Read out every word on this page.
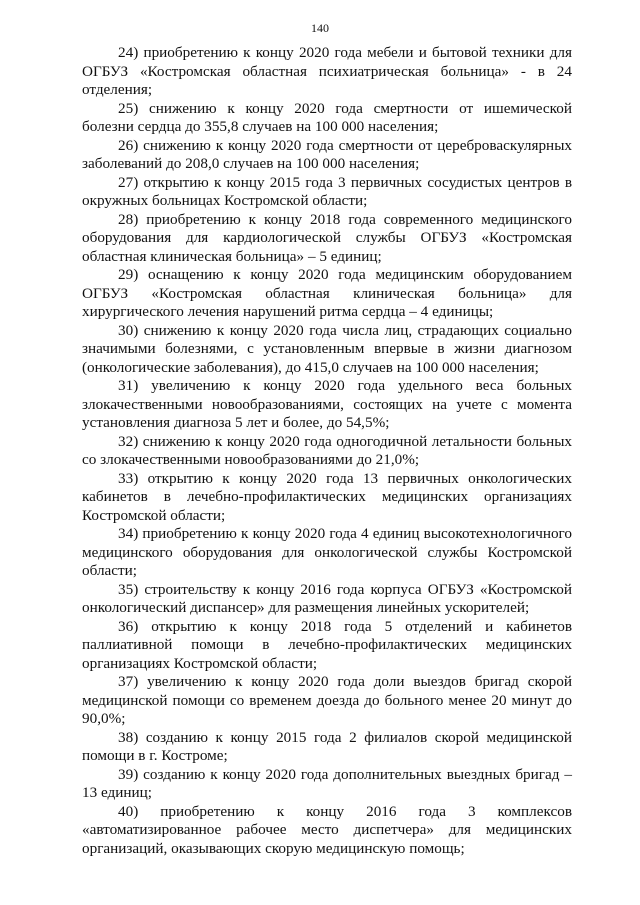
140

24) приобретению к концу 2020 года мебели и бытовой техники для ОГБУЗ «Костромская областная психиатрическая больница» - в 24 отделения;

25) снижению к концу 2020 года смертности от ишемической болезни сердца до 355,8 случаев на 100 000 населения;

26) снижению к концу 2020 года смертности от цереброваскулярных заболеваний до 208,0 случаев на 100 000 населения;

27) открытию к концу 2015 года 3 первичных сосудистых центров в окружных больницах Костромской области;

28) приобретению к концу 2018 года современного медицинского оборудования для кардиологической службы ОГБУЗ «Костромская областная клиническая больница» – 5 единиц;

29) оснащению к концу 2020 года медицинским оборудованием ОГБУЗ «Костромская областная клиническая больница» для хирургического лечения нарушений ритма сердца – 4 единицы;

30) снижению к концу 2020 года числа лиц, страдающих социально значимыми болезнями, с установленным впервые в жизни диагнозом (онкологические заболевания), до 415,0 случаев на 100 000 населения;

31) увеличению к концу 2020 года удельного веса больных злокачественными новообразованиями, состоящих на учете с момента установления диагноза 5 лет и более, до 54,5%;

32) снижению к концу 2020 года одногодичной летальности больных со злокачественными новообразованиями до 21,0%;

33) открытию к концу 2020 года 13 первичных онкологических кабинетов в лечебно-профилактических медицинских организациях Костромской области;

34) приобретению к концу 2020 года 4 единиц высокотехнологичного медицинского оборудования для онкологической службы Костромской области;

35) строительству к концу 2016 года корпуса ОГБУЗ «Костромской онкологический диспансер» для размещения линейных ускорителей;

36) открытию к концу 2018 года 5 отделений и кабинетов паллиативной помощи в лечебно-профилактических медицинских организациях Костромской области;

37) увеличению к концу 2020 года доли выездов бригад скорой медицинской помощи со временем доезда до больного менее 20 минут до 90,0%;

38) созданию к концу 2015 года 2 филиалов скорой медицинской помощи в г. Костроме;

39) созданию к концу 2020 года дополнительных выездных бригад – 13 единиц;

40) приобретению к концу 2016 года 3 комплексов «автоматизированное рабочее место диспетчера» для медицинских организаций, оказывающих скорую медицинскую помощь;
